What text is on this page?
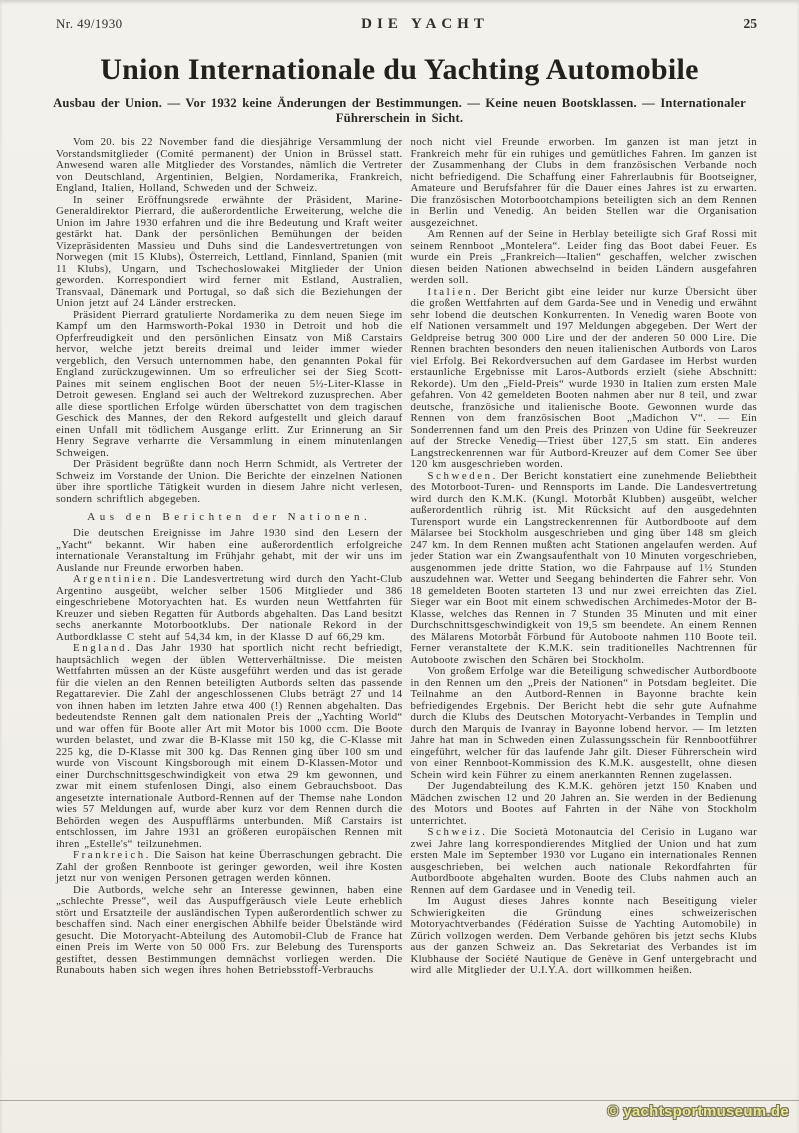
Nr. 49/1930	DIE YACHT	25
Union Internationale du Yachting Automobile
Ausbau der Union. — Vor 1932 keine Änderungen der Bestimmungen. — Keine neuen Bootsklassen. — Internationaler Führerschein in Sicht.

Vom 20. bis 22 November fand die diesjährige Versammlung der Vorstandsmitglieder (Comité permanent) der Union in Brüssel statt. Anwesend waren alle Mitglieder des Vorstandes, nämlich die Vertreter von Deutschland, Argentinien, Belgien, Nordamerika, Frankreich, England, Italien, Holland, Schweden und der Schweiz.

In seiner Eröffnungsrede erwähnte der Präsident, Marine-Generaldirektor Pierrard, die außerordentliche Erweiterung, welche die Union im Jahre 1930 erfahren und die ihre Bedeutung und Kraft weiter gestärkt hat. Dank der persönlichen Bemühungen der beiden Vizepräsidenten Massieu und Duhs sind die Landesvertretungen von Norwegen (mit 15 Klubs), Österreich, Lettland, Finnland, Spanien (mit 11 Klubs), Ungarn, und Tschechoslowakei Mitglieder der Union geworden. Korrespondiert wird ferner mit Estland, Australien, Transvaal, Dänemark und Portugal, so daß sich die Beziehungen der Union jetzt auf 24 Länder erstrecken.

Präsident Pierrard gratulierte Nordamerika zu dem neuen Siege im Kampf um den Harmsworth-Pokal 1930 in Detroit und hob die Opferfreudigkeit und den persönlichen Einsatz von Miß Carstairs hervor, welche jetzt bereits dreimal und leider immer wieder vergeblich, den Versuch unternommen habe, den genannten Pokal für England zurückzugewinnen. Um so erfreulicher sei der Sieg Scott-Paines mit seinem englischen Boot der neuen 5½-Liter-Klasse in Detroit gewesen. England sei auch der Weltrekord zuzusprechen. Aber alle diese sportlichen Erfolge würden überschattet von dem tragischen Geschick des Mannes, der den Rekord aufgestellt und gleich darauf einen Unfall mit tödlichem Ausgange erlitt. Zur Erinnerung an Sir Henry Segrave verharrte die Versammlung in einem minutenlangen Schweigen.

Der Präsident begrüßte dann noch Herrn Schmidt, als Vertreter der Schweiz im Vorstande der Union. Die Berichte der einzelnen Nationen über ihre sportliche Tätigkeit wurden in diesem Jahre nicht verlesen, sondern schriftlich abgegeben.

Aus den Berichten der Nationen.

Die deutschen Ereignisse im Jahre 1930 sind den Lesern der „Yacht“ bekannt. Wir haben eine außerordentlich erfolgreiche internationale Veranstaltung im Frühjahr gehabt, mit der wir uns im Auslande nur Freunde erworben haben.

Argentinien. Die Landesvertretung wird durch den Yacht-Club Argentino ausgeübt, welcher selber 1506 Mitglieder und 386 eingeschriebene Motoryachten hat. Es wurden neun Wettfahrten für Kreuzer und sieben Regatten für Autbords abgehalten. Das Land besitzt sechs anerkannte Motorbootklubs. Der nationale Rekord in der Autbordklasse C steht auf 54,34 km, in der Klasse D auf 66,29 km.

England. Das Jahr 1930 hat sportlich nicht recht befriedigt, hauptsächlich wegen der üblen Wetterverhältnisse. Die meisten Wettfahrten müssen an der Küste ausgeführt werden und das ist gerade für die vielen an den Rennen beteiligten Autbords selten das passende Regattarevier. Die Zahl der angeschlossenen Clubs beträgt 27 und 14 von ihnen haben im letzten Jahre etwa 400 (!) Rennen abgehalten. Das bedeutendste Rennen galt dem nationalen Preis der „Yachting World“ und war offen für Boote aller Art mit Motor bis 1000 ccm. Die Boote wurden belastet, und zwar die B-Klasse mit 150 kg, die C-Klasse mit 225 kg, die D-Klasse mit 300 kg. Das Rennen ging über 100 sm und wurde von Viscount Kingsborough mit einem D-Klassen-Motor und einer Durchschnittsgeschwindigkeit von etwa 29 km gewonnen, und zwar mit einem stufenlosen Dingi, also einem Gebrauchsboot. Das angesetzte internationale Autbord-Rennen auf der Themse nahe London wies 57 Meldungen auf, wurde aber kurz vor dem Rennen durch die Behörden wegen des Auspufflärms unterbunden. Miß Carstairs ist entschlossen, im Jahre 1931 an größeren europäischen Rennen mit ihren „Estelle's“ teilzunehmen.

Frankreich. Die Saison hat keine Überraschungen gebracht. Die Zahl der großen Rennboote ist geringer geworden, weil ihre Kosten jetzt nur von wenigen Personen getragen werden können.

Die Autbords, welche sehr an Interesse gewinnen, haben eine „schlechte Presse“, weil das Auspuffgeräusch viele Leute erheblich stört und Ersatzteile der ausländischen Typen außerordentlich schwer zu beschaffen sind. Nach einer energischen Abhilfe beider Übelstände wird gesucht. Die Motoryacht-Abteilung des Automobil-Club de France hat einen Preis im Werte von 50 000 Frs. zur Belebung des Turensports gestiftet, dessen Bestimmungen demnächst vorliegen werden. Die Runabouts haben sich wegen ihres hohen Betriebsstoff-Verbrauchs

noch nicht viel Freunde erworben. Im ganzen ist man jetzt in Frankreich mehr für ein ruhiges und gemütliches Fahren. Im ganzen ist der Zusammenhang der Clubs in dem französischen Verbande noch nicht befriedigend. Die Schaffung einer Fahrerlaubnis für Bootseigner, Amateure und Berufsfahrer für die Dauer eines Jahres ist zu erwarten. Die französischen Motorbootchampions beteiligten sich an dem Rennen in Berlin und Venedig. An beiden Stellen war die Organisation ausgezeichnet.

Am Rennen auf der Seine in Herblay beteiligte sich Graf Rossi mit seinem Rennboot „Montelera“. Leider fing das Boot dabei Feuer. Es wurde ein Preis „Frankreich—Italien“ geschaffen, welcher zwischen diesen beiden Nationen abwechselnd in beiden Ländern ausgefahren werden soll.

Italien. Der Bericht gibt eine leider nur kurze Übersicht über die großen Wettfahrten auf dem Garda-See und in Venedig und erwähnt sehr lobend die deutschen Konkurrenten. In Venedig waren Boote von elf Nationen versammelt und 197 Meldungen abgegeben. Der Wert der Geldpreise betrug 300 000 Lire und der der anderen 50 000 Lire. Die Rennen brachten besonders den neuen italienischen Autbords von Laros viel Erfolg. Bei Rekordversuchen auf dem Gardasee im Herbst wurden erstaunliche Ergebnisse mit Laros-Autbords erzielt (siehe Abschnitt: Rekorde). Um den „Field-Preis“ wurde 1930 in Italien zum ersten Male gefahren. Von 42 gemeldeten Booten nahmen aber nur 8 teil, und zwar deutsche, französiche und italienische Boote. Gewonnen wurde das Rennen von dem französischen Boot „Madichon V“. — Ein Sonderrennen fand um den Preis des Prinzen von Udine für Seekreuzer auf der Strecke Venedig—Triest über 127,5 sm statt. Ein anderes Langstreckenrennen war für Autbord-Kreuzer auf dem Comer See über 120 km ausgeschrieben worden.

Schweden. Der Bericht konstatiert eine zunehmende Beliebtheit des Motorboot-Turen- und Rennsports im Lande. Die Landesvertretung wird durch den K.M.K. (Kungl. Motorbåt Klubben) ausgeübt, welcher außerordentlich rührig ist. Mit Rücksicht auf den ausgedehnten Turensport wurde ein Langstreckenrennen für Autbordboote auf dem Mälarsee bei Stockholm ausgeschrieben und ging über 148 sm gleich 247 km. In dem Rennen mußten acht Stationen angelaufen werden. Auf jeder Station war ein Zwangsaufenthalt von 10 Minuten vorgeschrieben, ausgenommen jede dritte Station, wo die Fahrpause auf 1½ Stunden auszudehnen war. Wetter und Seegang behinderten die Fahrer sehr. Von 18 gemeldeten Booten starteten 13 und nur zwei erreichten das Ziel. Sieger war ein Boot mit einem schwedischen Archimedes-Motor der B-Klasse, welches das Rennen in 7 Stunden 35 Minuten und mit einer Durchschnittsgeschwindigkeit von 19,5 sm beendete. An einem Rennen des Mälarens Motorbåt Förbund für Autoboote nahmen 110 Boote teil. Ferner veranstaltete der K.M.K. sein traditionelles Nachtrennen für Autoboote zwischen den Schären bei Stockholm.

Von großem Erfolge war die Beteiligung schwedischer Autbordboote in den Rennen um den „Preis der Nationen“ in Potsdam begleitet. Die Teilnahme an den Autbord-Rennen in Bayonne brachte kein befriedigendes Ergebnis. Der Bericht hebt die sehr gute Aufnahme durch die Klubs des Deutschen Motoryacht-Verbandes in Templin und durch den Marquis de Ivanray in Bayonne lobend hervor. — Im letzten Jahre hat man in Schweden einen Zulassungsschein für Rennbootführer eingeführt, welcher für das laufende Jahr gilt. Dieser Führerschein wird von einer Rennboot-Kommission des K.M.K. ausgestellt, ohne diesen Schein wird kein Führer zu einem anerkannten Rennen zugelassen.

Der Jugendabteilung des K.M.K. gehören jetzt 150 Knaben und Mädchen zwischen 12 und 20 Jahren an. Sie werden in der Bedienung des Motors und Bootes auf Fahrten in der Nähe von Stockholm unterrichtet.

Schweiz. Die Società Motonautcia del Cerisio in Lugano war zwei Jahre lang korrespondierendes Mitglied der Union und hat zum ersten Male im September 1930 vor Lugano ein internationales Rennen ausgeschrieben, bei welchen auch nationale Rekordfahrten für Autbordboote abgehalten wurden. Boote des Clubs nahmen auch an Rennen auf dem Gardasee und in Venedig teil.

Im August dieses Jahres konnte nach Beseitigung vieler Schwierigkeiten die Gründung eines schweizerischen Motoryachtverbandes (Fédération Suisse de Yachting Automobile) in Zürich vollzogen werden. Dem Verbande gehören bis jetzt sechs Klubs aus der ganzen Schweiz an. Das Sekretariat des Verbandes ist im Klubhause der Société Nautique de Genève in Genf untergebracht und wird alle Mitglieder der U.I.Y.A. dort willkommen heißen.

© yachtsportmuseum.de
